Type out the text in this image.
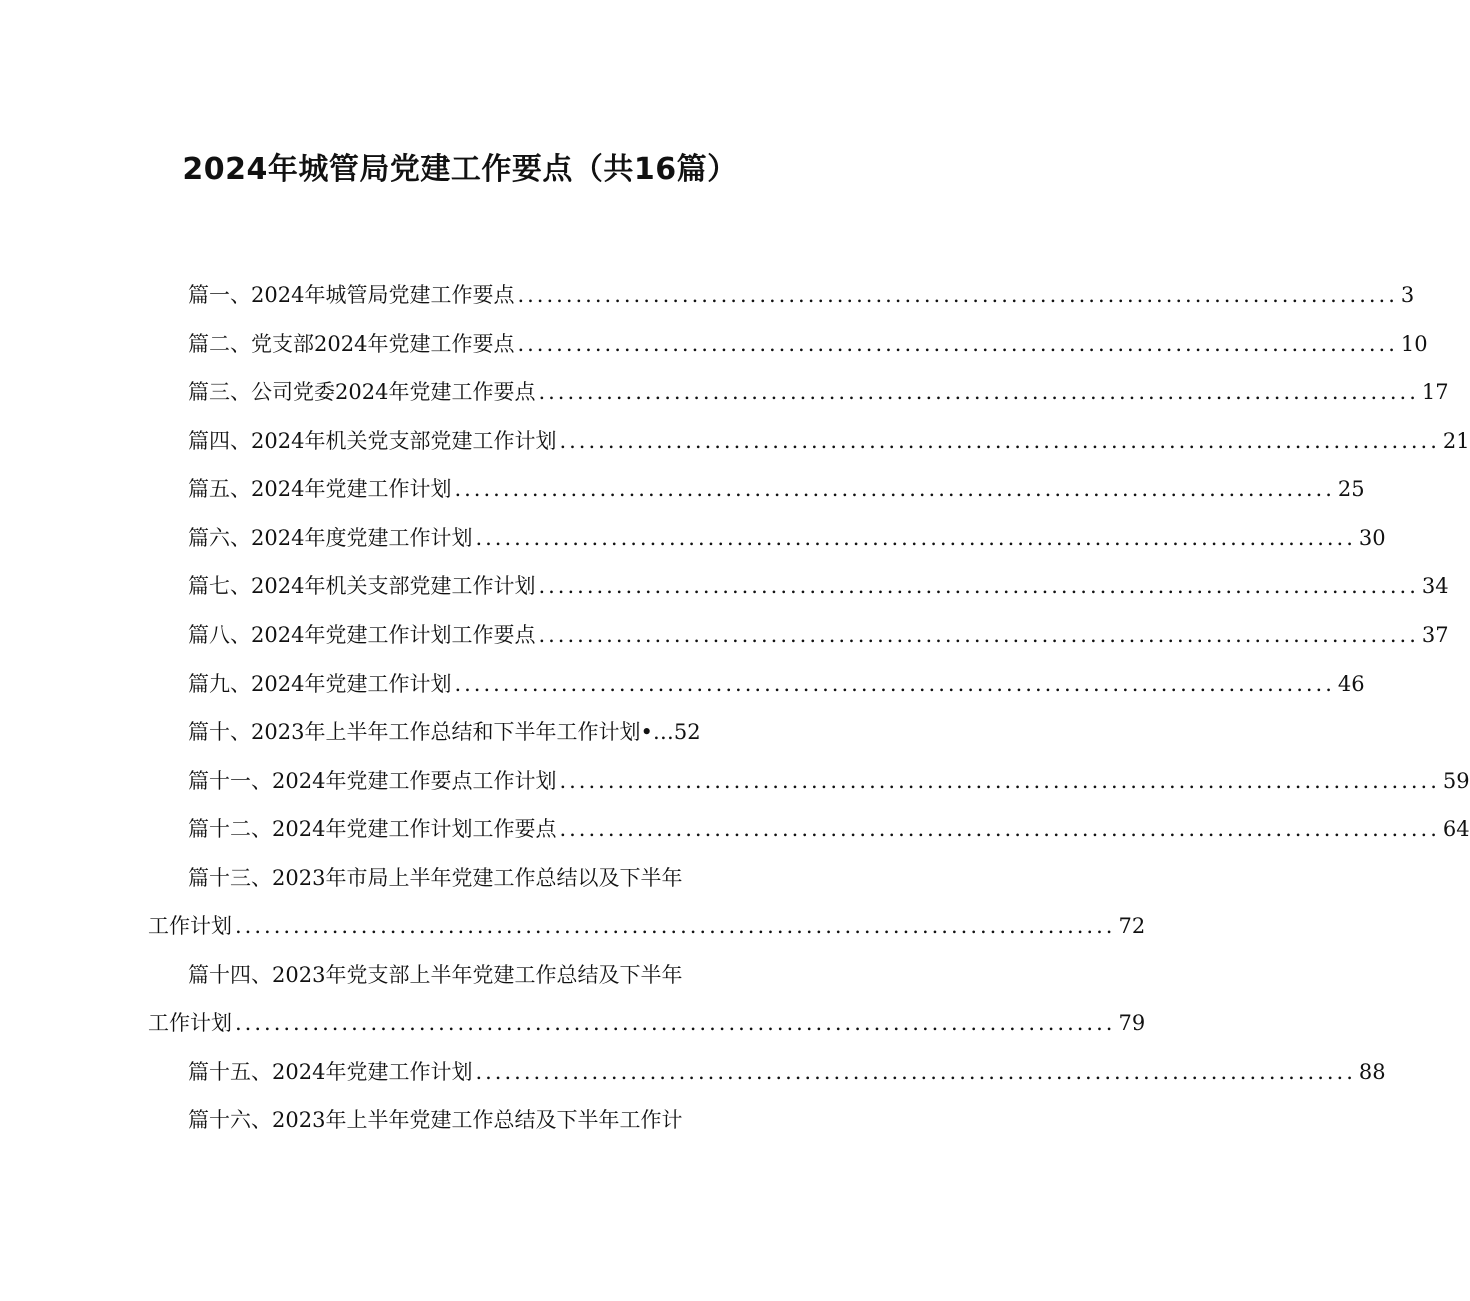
2024年城管局党建工作要点（共16篇）
篇一、2024年城管局党建工作要点 ........................................................................................... 3
篇二、党支部2024年党建工作要点 ........................................................................................... 10
篇三、公司党委2024年党建工作要点 ........................................................................................... 17
篇四、2024年机关党支部党建工作计划 ........................................................................................... 21
篇五、2024年党建工作计划 ........................................................................................... 25
篇六、2024年度党建工作计划 ........................................................................................... 30
篇七、2024年机关支部党建工作计划 ........................................................................................... 34
篇八、2024年党建工作计划工作要点 ........................................................................................... 37
篇九、2024年党建工作计划 ........................................................................................... 46
篇十、2023年上半年工作总结和下半年工作计划•…52
篇十一、2024年党建工作要点工作计划 ........................................................................................... 59
篇十二、2024年党建工作计划工作要点 ........................................................................................... 64
篇十三、2023年市局上半年党建工作总结以及下半年
工作计划 ........................................................................................... 72
篇十四、2023年党支部上半年党建工作总结及下半年
工作计划 ........................................................................................... 79
篇十五、2024年党建工作计划 ........................................................................................... 88
篇十六、2023年上半年党建工作总结及下半年工作计
